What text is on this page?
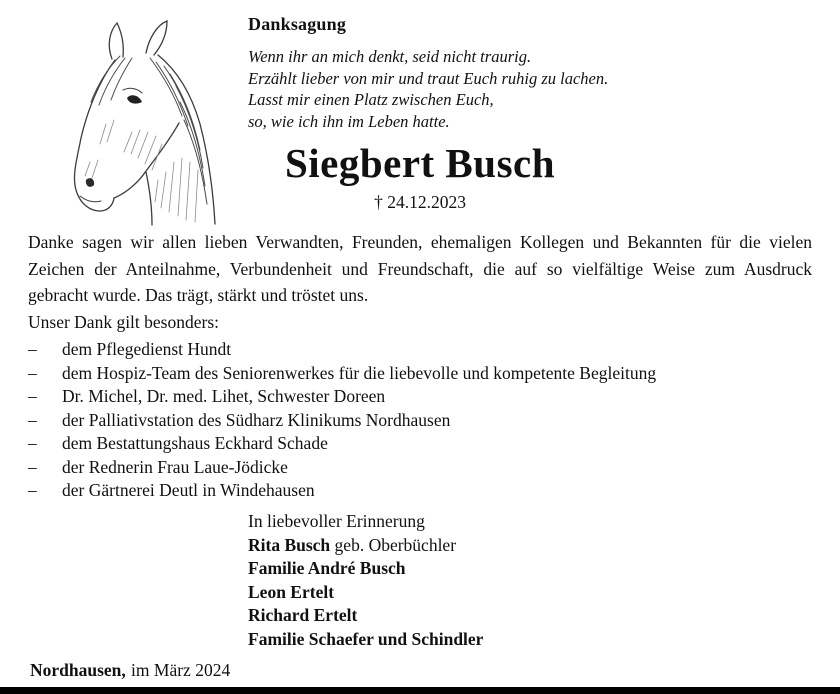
Danksagung
Wenn ihr an mich denkt, seid nicht traurig.
Erzählt lieber von mir und traut Euch ruhig zu lachen.
Lasst mir einen Platz zwischen Euch,
so, wie ich ihn im Leben hatte.
Siegbert Busch
† 24.12.2023
Danke sagen wir allen lieben Verwandten, Freunden, ehemaligen Kollegen und Bekannten für die vielen
Zeichen der Anteilnahme, Verbundenheit und Freundschaft, die auf so vielfältige Weise zum Ausdruck
gebracht wurde. Das trägt, stärkt und tröstet uns.
Unser Dank gilt besonders:
– dem Pflegedienst Hundt
– dem Hospiz-Team des Seniorenwerkes für die liebevolle und kompetente Begleitung
– Dr. Michel, Dr. med. Lihet, Schwester Doreen
– der Palliativstation des Südharz Klinikums Nordhausen
– dem Bestattungshaus Eckhard Schade
– der Rednerin Frau Laue-Jödicke
– der Gärtnerei Deutl in Windehausen
In liebevoller Erinnerung
Rita Busch geb. Oberbüchler
Familie André Busch
Leon Ertelt
Richard Ertelt
Familie Schaefer und Schindler
Nordhausen, im März 2024
